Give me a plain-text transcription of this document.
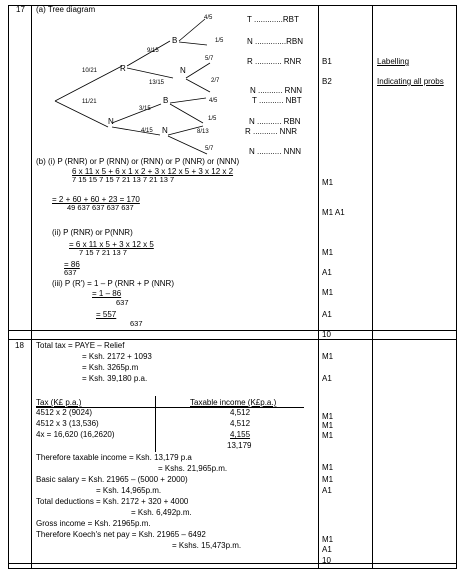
17 (a) Tree diagram
R
N
B
N
B
N
10/21
11/21
9/15
13/15
3/15
4/15
4/5
1/5
5/7
2/7
4/5
1/5
8/13
5/7
T .............RBT
N ..............RBN
R ............ RNR
N ........... RNN
T ........... NBT
N ........... RBN
R ........... NNR
N ........... NNN
B1
B2
Labelling
Indicating all probs
(b) (i) P (RNR) or P (RNN) or (RNN) or P (NNR) or (NNN)
6 x 11 x 5 + 6 x 1 x 2 + 3 x 12 x 5 + 3 x 12 x 2
7 15 15 7 15 7 21 13 7 21 13 7
= 2 + 60 + 60 + 23 = 170
49 637 637 637 637
(ii) P (RNR) or P(NNR)
= 6 x 11 x 5 + 3 x 12 x 5
7 15 7 21 13 7
= 86
637
(iii) P (R') = 1 – P (RNR + P (NNR)
= 1 – 86
637
= 557
637
M1
M1 A1
M1
A1
M1
A1
10
18 Total tax = PAYE – Relief
= Ksh. 2172 + 1093
= Ksh. 3265p.m
= Ksh. 39,180 p.a.
Tax (K£ p.a.)	Taxable income (K£p.a.)
4512 x 2 (9024)
4512 x 3 (13,536)
4x = 16,620 (16,2620)
4,512
4,512
4,155
13,179
Therefore taxable income = Ksh. 13,179 p.a
= Kshs. 21,965p.m.
Basic salary = Ksh. 21965 – (5000 + 2000)
= Ksh. 14,965p.m.
Total deductions = Ksh. 2172 + 320 + 4000
= Ksh. 6,492p.m.
Gross income = Ksh. 21965p.m.
Therefore Koech's net pay = Ksh. 21965 – 6492
= Kshs. 15,473p.m.
M1
A1
M1
M1
M1
M1
M1
A1
M1
A1
10
